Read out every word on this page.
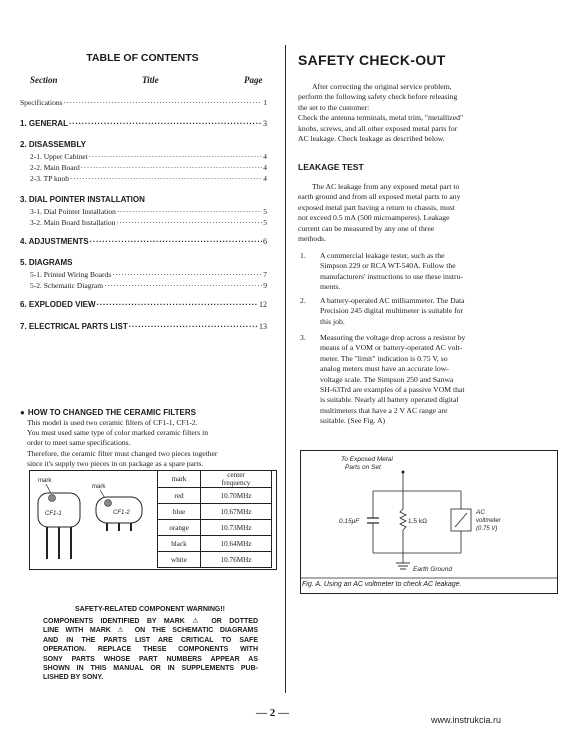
TABLE OF CONTENTS
Section	Title	Page
Specifications ·····	1
1. GENERAL ·····	3
2. DISASSEMBLY
2-1. Upper Cabinet ·····	4
2-2. Main Board ·····	4
2-3. TP knob ·····	4
3. DIAL POINTER INSTALLATION
3-1. Dial Pointer Installation ·····	5
3-2. Main Board Installation ·····	5
4. ADJUSTMENTS ·····	6
5. DIAGRAMS
5-1. Printed Wiring Boards ·····	7
5-2. Schematic Diagram ·····	9
6. EXPLODED VIEW ·····	12
7. ELECTRICAL PARTS LIST ·····	13
● HOW TO CHANGED THE CERAMIC FILTERS
This model is used two ceramic filters of CF1-1, CF1-2.
You must used same type of color marked ceramic filters in
order to meet same specifications.
Therefore, the ceramic filter must changed two pieces together
since it's supply two pieces in on package as a spare parts.
mark
CF1-1
mark
CF1-2
mark	center
frequency

red	10.70MHz
blue	10.67MHz
orange	10.73MHz
black	10.64MHz
white	10.76MHz
SAFETY-RELATED COMPONENT WARNING!!
COMPONENTS IDENTIFIED BY MARK ⚠ OR DOTTED
LINE WITH MARK ⚠ ON THE SCHEMATIC DIAGRAMS
AND IN THE PARTS LIST ARE CRITICAL TO SAFE
OPERATION. REPLACE THESE COMPONENTS WITH
SONY PARTS WHOSE PART NUMBERS APPEAR AS
SHOWN IN THIS MANUAL OR IN SUPPLEMENTS PUB-
LISHED BY SONY.
SAFETY CHECK-OUT
After correcting the original service problem,
perform the following safety check before releasing
the set to the customer:
Check the antenna terminals, metal trim, "metallized"
knobs, screws, and all other exposed metal parts for
AC leakage. Check leakage as described below.
LEAKAGE TEST
The AC leakage from any exposed metal part to
earth ground and from all exposed metal parts to any
exposed metal part having a return to chassis, must
not exceed 0.5 mA (500 microamperes). Leakage
current can be measured by any one of three
methods.
1.	A commercial leakage tester, such as the
Simpson 229 or RCA WT-540A. Follow the
manufacturers' instructions to use these instru-
ments.
2.	A battery-operated AC milliammeter. The Data
Precision 245 digital multimeter is suitable for
this job.
3.	Measuring the voltage drop across a resistor by
means of a VOM or battery-operated AC volt-
meter. The "limit" indication is 0.75 V, so
analog meters must have an accurate low-
voltage scale. The Simpson 250 and Sanwa
SH-63Trd are examples of a passive VOM that
is suitable. Nearly all battery operated digital
multimeters that have a 2 V AC range are
suitable. (See Fig. A)
To Exposed Metal
Parts on Set
0.15μF	1.5 kΩ
AC
voltmeter
(0.75 V)
Earth Ground
Fig. A. Using an AC voltmeter to check AC leakage.
— 2 —
www.instrukcia.ru
